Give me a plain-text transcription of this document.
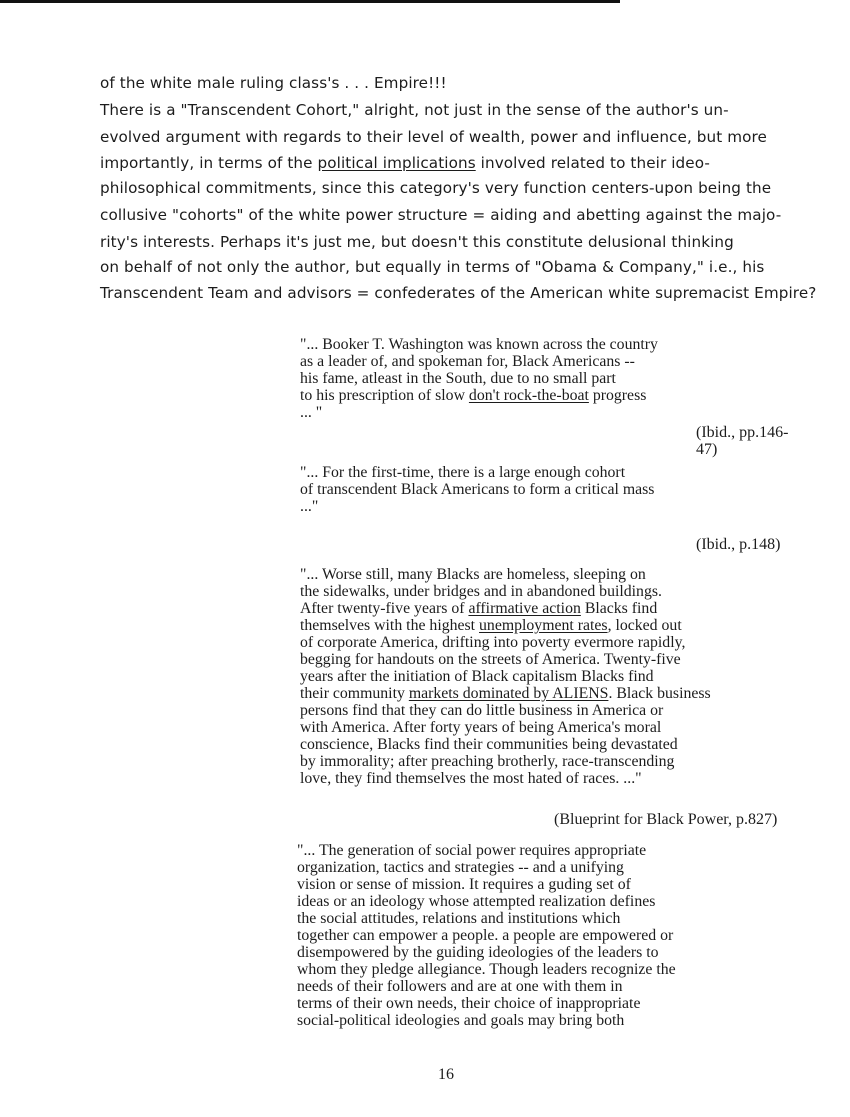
of the white male ruling class's . . . Empire!!!
There is a "Transcendent Cohort," alright, not just in the sense of the author's un-
evolved argument with regards to their level of wealth, power and influence, but more
importantly, in terms of the political implications involved related to their ideo-
philosophical commitments, since this category's very function centers-upon being the
collusive "cohorts" of the white power structure = aiding and abetting against the majo-
rity's interests. Perhaps it's just me, but doesn't this constitute delusional thinking
on behalf of not only the author, but equally in terms of "Obama & Company," i.e., his
Transcendent Team and advisors = confederates of the American white supremacist Empire?
"... Booker T. Washington was known across the country
as a leader of, and spokeman for, Black Americans --
his fame, atleast in the South, due to no small part
to his prescription of slow don't rock-the-boat progress
... "
(Ibid., pp.146-
47)
"... For the first-time, there is a large enough cohort
of transcendent Black Americans to form a critical mass
..."
(Ibid., p.148)
"... Worse still, many Blacks are homeless, sleeping on
the sidewalks, under bridges and in abandoned buildings.
After twenty-five years of affirmative action Blacks find
themselves with the highest unemployment rates, locked out
of corporate America, drifting into poverty evermore rapidly,
begging for handouts on the streets of America. Twenty-five
years after the initiation of Black capitalism Blacks find
their community markets dominated by ALIENS. Black business
persons find that they can do little business in America or
with America. After forty years of being America's moral
conscience, Blacks find their communities being devastated
by immorality; after preaching brotherly, race-transcending
love, they find themselves the most hated of races. ..."
(Blueprint for Black Power, p.827)
"... The generation of social power requires appropriate
organization, tactics and strategies -- and a unifying
vision or sense of mission. It requires a guding set of
ideas or an ideology whose attempted realization defines
the social attitudes, relations and institutions which
together can empower a people. a people are empowered or
disempowered by the guiding ideologies of the leaders to
whom they pledge allegiance. Though leaders recognize the
needs of their followers and are at one with them in
terms of their own needs, their choice of inappropriate
social-political ideologies and goals may bring both
16
